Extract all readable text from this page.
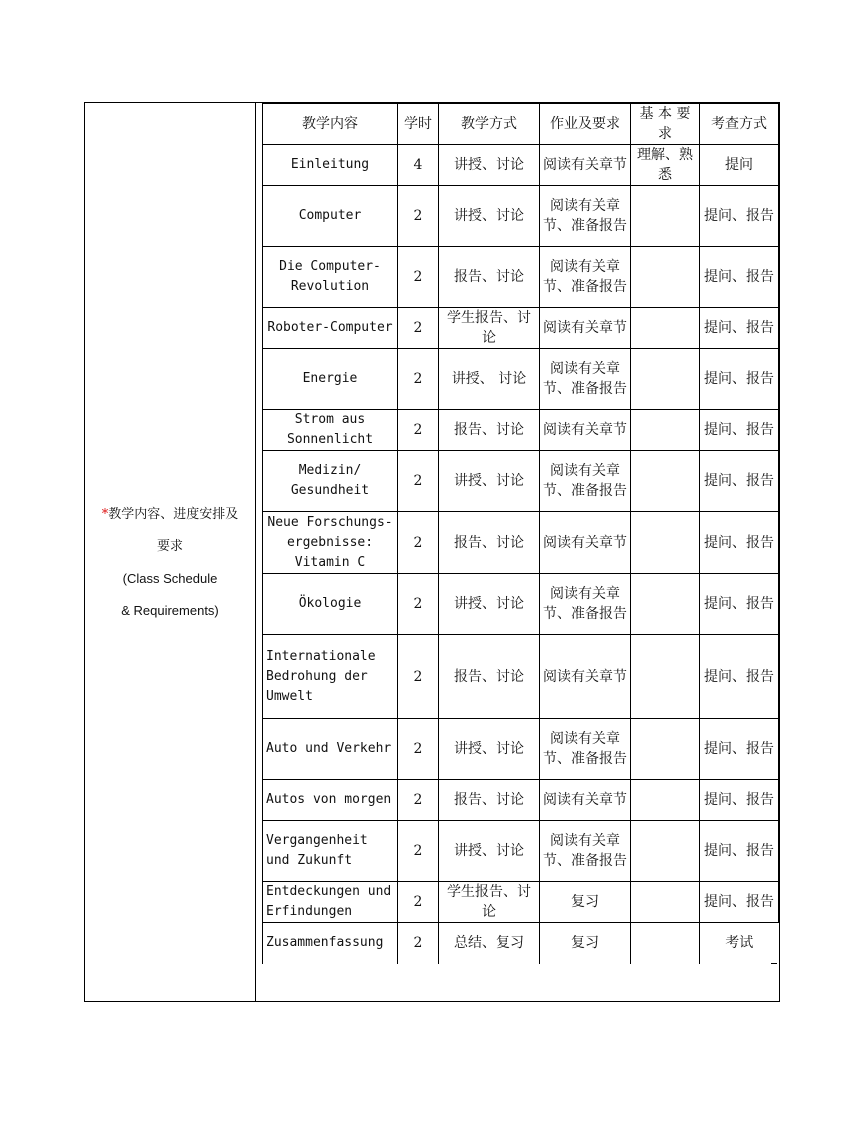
*教学内容、进度安排及
要求
(Class Schedule
& Requirements)
教学内容	学时	教学方式	作业及要求	基 本 要求	考查方式
Einleitung	4	讲授、讨论	阅读有关章节	理解、熟悉	提问
Computer	2	讲授、讨论	阅读有关章节、准备报告		提问、报告
Die Computer-Revolution	2	报告、讨论	阅读有关章节、准备报告		提问、报告
Roboter-Computer	2	学生报告、讨论	阅读有关章节		提问、报告
Energie	2	讲授、 讨论	阅读有关章节、准备报告		提问、报告
Strom aus Sonnenlicht	2	报告、讨论	阅读有关章节		提问、报告
Medizin/ Gesundheit	2	讲授、讨论	阅读有关章节、准备报告		提问、报告
Neue Forschungs-ergebnisse: Vitamin C	2	报告、讨论	阅读有关章节		提问、报告
Ökologie	2	讲授、讨论	阅读有关章节、准备报告		提问、报告
Internationale Bedrohung der Umwelt	2	报告、讨论	阅读有关章节		提问、报告
Auto und Verkehr	2	讲授、讨论	阅读有关章节、准备报告		提问、报告
Autos von morgen	2	报告、讨论	阅读有关章节		提问、报告
Vergangenheit und Zukunft	2	讲授、讨论	阅读有关章节、准备报告		提问、报告
Entdeckungen und Erfindungen	2	学生报告、讨论	复习		提问、报告
Zusammenfassung	2	总结、复习	复习		考试
